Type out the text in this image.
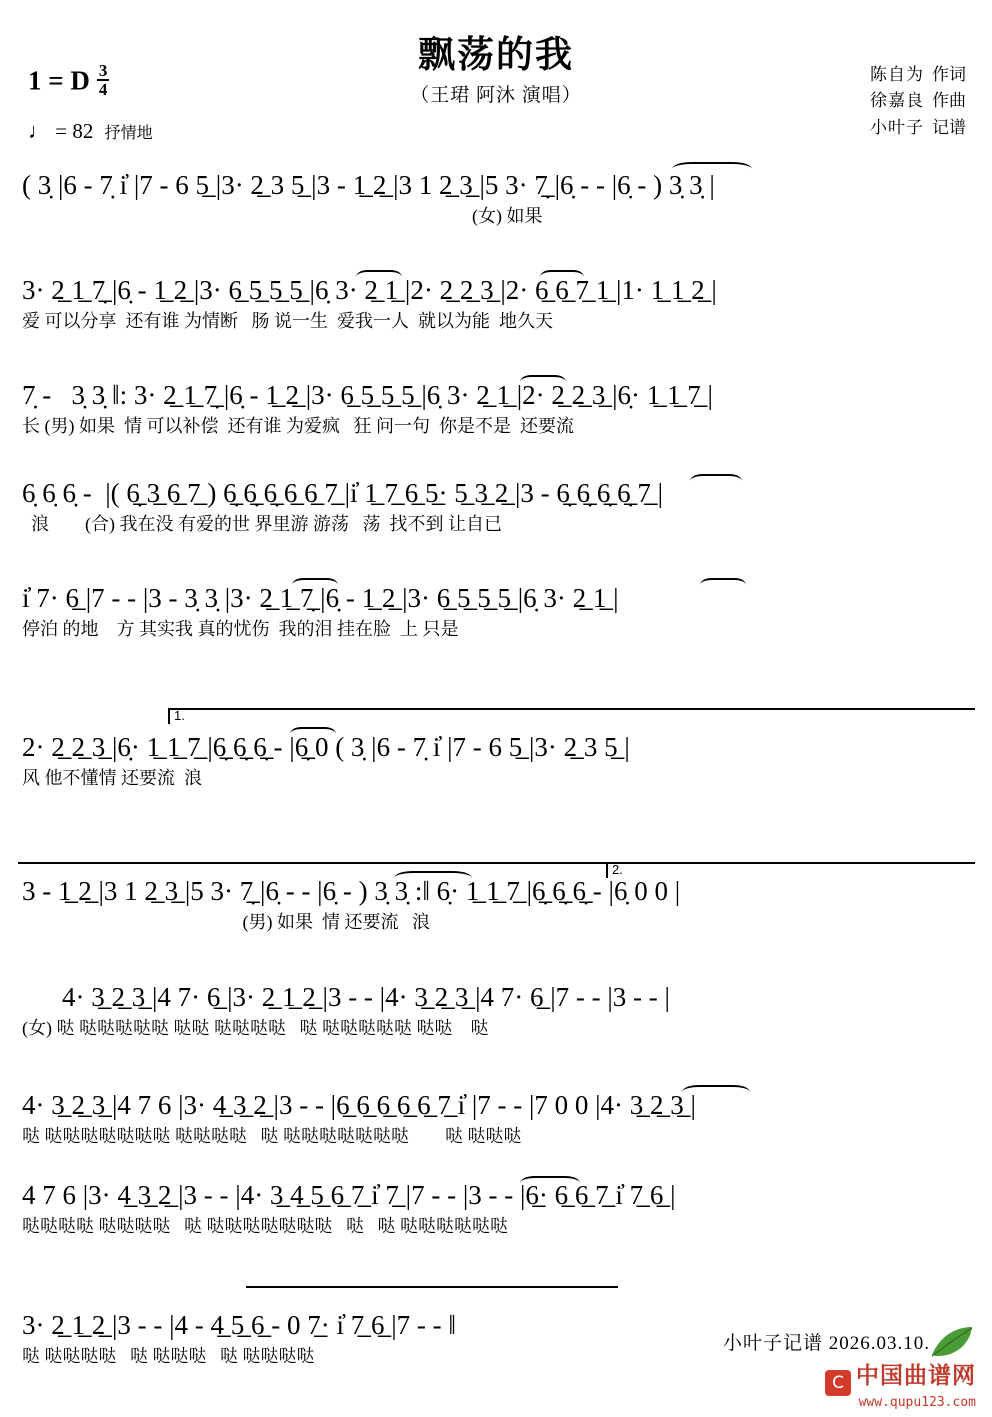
飘荡的我
（王珺 阿沐 演唱）
1 = D $\frac{3}{4}$
♩ = 82 抒情地
陈自为 作词
徐嘉良 作曲
小叶子 记谱
( 3̣ |6 - 7̣ i̓ |7 - 6 5̲ |3· 2̲ 3 5̲ |3 - 1̲ 2̲ |3 1 2̲ 3̲ |5 3· 7̲̣ |6̣ - - |6̣ - ) 3̣ 3̣ |
(女) 如果
3· 2̲ 1̲ 7̲̣ |6̣ - 1̲ 2̲ |3· 6̲ 5̲ 5̲ 5̲ |6̣ 3· 2̲ 1̲ |2· 2̲ 2̲ 3̲ |2· 6̲ 6̲ 7̲ 1̲ |1· 1̲ 1̲ 2̲ |
爱 可以分享  还有谁 为情断   肠 说一生  爱我一人  就以为能  地久天
7̣ -   3̣ 3̣ ‖: 3· 2̲ 1̲ 7̲̣ |6̣ - 1̲ 2̲ |3· 6̲ 5̲ 5̲ 5̲ |6̣ 3· 2̲ 1̲ |2· 2̲ 2̲ 3̲ |6̣· 1̲ 1̲ 7̲ |
长 (男) 如果  情 可以补偿  还有谁 为爱疯   狂 问一句  你是不是  还要流
6̣ 6̣ 6̣ -  |( 6̲̣ 3̲ 6̲ 7̲ ) 6̲̣ 6̲̣ 6̲̣ 6̲ 6̲ 7̲ |i̓ 1̲ 7̲ 6̲ 5̲· 5̲ 3̲ 2̲ |3 - 6̲̣ 6̲̣ 6̲̣ 6̲̣ 7̲ |
浪        (合) 我在没 有爱的世 界里游 游荡   荡  找不到 让自已
i̓ 7· 6̲ |7 - - |3 - 3̣ 3̣ |3· 2̲ 1̲ 7̲̣ |6̣ - 1̲ 2̲ |3· 6̲ 5̲ 5̲ 5̲ |6̣ 3· 2̲ 1̲ |
停泊 的地    方 其实我 真的忧伤  我的泪 挂在脸  上 只是
1.
2· 2̲ 2̲ 3̲ |6̣· 1̲ 1̲ 7̲ |6̲̣ 6̲̣ 6̲̣ - |6̲̣ 0 ( 3̣ |6 - 7̣ i̓ |7 - 6 5̲ |3· 2̲ 3 5̲ |
风 他不懂情 还要流  浪
2.
3 - 1̲ 2̲ |3 1 2̲ 3̲ |5 3· 7̲̣ |6̣ - - |6̣ - ) 3̣ 3̣ :‖ 6̣· 1̲ 1̲ 7̲ |6̲̣ 6̲̣ 6̲̣ - |6̣ 0 0 |
(男) 如果  情 还要流   浪
4· 3̲ 2̲ 3̲ |4 7· 6̲ |3· 2̲ 1̲ 2̲ |3 - - |4· 3̲ 2̲ 3̲ |4 7· 6̲ |7 - - |3 - - |
(女) 哒 哒哒哒哒哒 哒哒 哒哒哒哒   哒 哒哒哒哒哒 哒哒    哒
4· 3̲ 2̲ 3̲ |4 7 6 |3· 4̲ 3̲ 2̲ |3 - - |6̲ 6̲ 6̲ 6̲ 6̲ 7̲ i̓ |7 - - |7 0 0 |4· 3̲ 2̲ 3̲ |
哒 哒哒哒哒哒哒哒 哒哒哒哒   哒 哒哒哒哒哒哒哒        哒 哒哒哒
4 7 6 |3· 4̲ 3̲ 2̲ |3 - - |4· 3̲ 4̲ 5̲ 6̲ 7̲ i̓ 7̲ |7 - - |3 - - |6̲· 6̲ 6̲ 7̲ i̓ 7̲ 6̲ |
哒哒哒哒 哒哒哒哒   哒 哒哒哒哒哒哒哒   哒   哒 哒哒哒哒哒哒
3· 2̲ 1̲ 2̲ |3 - - |4 - 4̲ 5̲ 6̲ - 0 7̲· i̓ 7̲ 6̲ |7 - - ‖
哒 哒哒哒哒   哒 哒哒哒   哒 哒哒哒哒
小叶子记谱 2026.03.10.
C 中国曲谱网
www.qupu123.com
